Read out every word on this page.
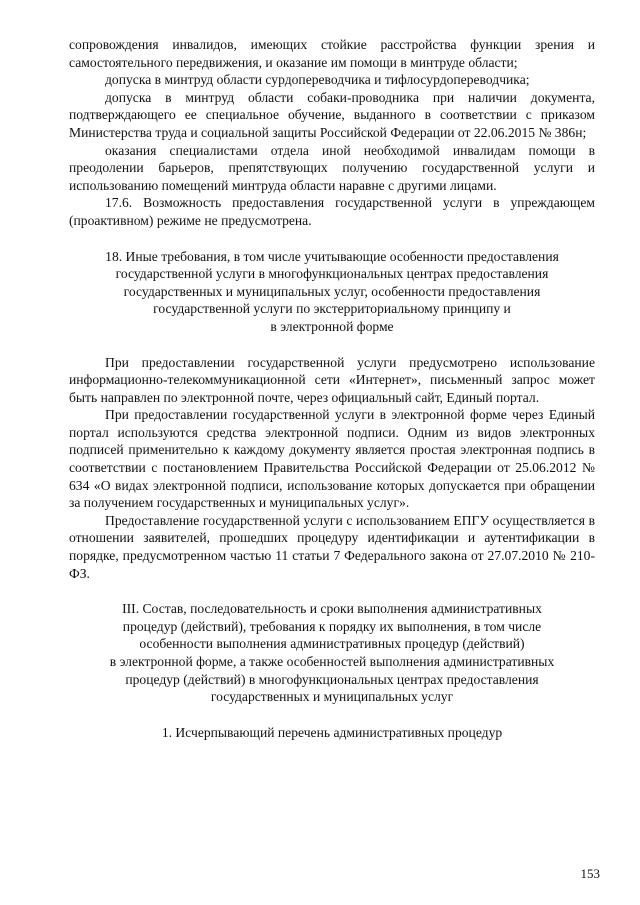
сопровождения инвалидов, имеющих стойкие расстройства функции зрения и самостоятельного передвижения, и оказание им помощи в минтруде области;

допуска в минтруд области сурдопереводчика и тифлосурдопереводчика;

допуска в минтруд области собаки-проводника при наличии документа, подтверждающего ее специальное обучение, выданного в соответствии с приказом Министерства труда и социальной защиты Российской Федерации от 22.06.2015 № 386н;

оказания специалистами отдела иной необходимой инвалидам помощи в преодолении барьеров, препятствующих получению государственной услуги и использованию помещений минтруда области наравне с другими лицами.

17.6. Возможность предоставления государственной услуги в упреждающем (проактивном) режиме не предусмотрена.

18. Иные требования, в том числе учитывающие особенности предоставления

государственной услуги в многофункциональных центрах предоставления

государственных и муниципальных услуг, особенности предоставления

государственной услуги по экстерриториальному принципу и

в электронной форме

При предоставлении государственной услуги предусмотрено использование информационно-телекоммуникационной сети «Интернет», письменный запрос может быть направлен по электронной почте, через официальный сайт, Единый портал.

При предоставлении государственной услуги в электронной форме через Единый портал используются средства электронной подписи. Одним из видов электронных подписей применительно к каждому документу является простая электронная подпись в соответствии с постановлением Правительства Российской Федерации от 25.06.2012 № 634 «О видах электронной подписи, использование которых допускается при обращении за получением государственных и муниципальных услуг».

Предоставление государственной услуги с использованием ЕПГУ осуществляется в отношении заявителей, прошедших процедуру идентификации и аутентификации в порядке, предусмотренном частью 11 статьи 7 Федерального закона от 27.07.2010 № 210-ФЗ.

III. Состав, последовательность и сроки выполнения административных

процедур (действий), требования к порядку их выполнения, в том числе

особенности выполнения административных процедур (действий)

в электронной форме, а также особенностей выполнения административных

процедур (действий) в многофункциональных центрах предоставления

государственных и муниципальных услуг

1. Исчерпывающий перечень административных процедур

153
